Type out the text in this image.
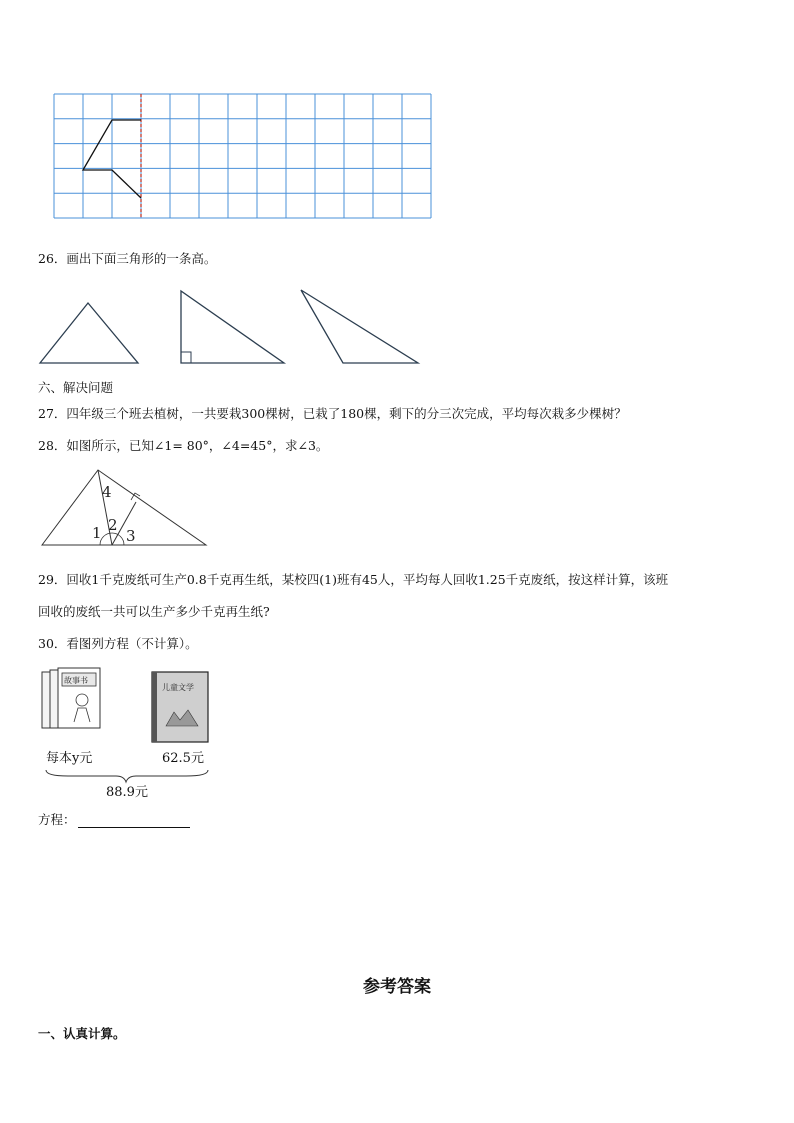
26．画出下面三角形的一条高。
六、解决问题
27．四年级三个班去植树，一共要栽300棵树，已栽了180棵，剩下的分三次完成，平均每次栽多少棵树？
28．如图所示，已知∠1= 80°，∠4=45°，求∠3。
4
2
1 3
29．回收1千克废纸可生产0.8千克再生纸，某校四(1)班有45人，平均每人回收1.25千克废纸，按这样计算，该班
回收的废纸一共可以生产多少千克再生纸?
30．看图列方程（不计算）。
故事书
儿童文学
每本y元	62.5元
88.9元
方程：
参考答案
一、认真计算。
